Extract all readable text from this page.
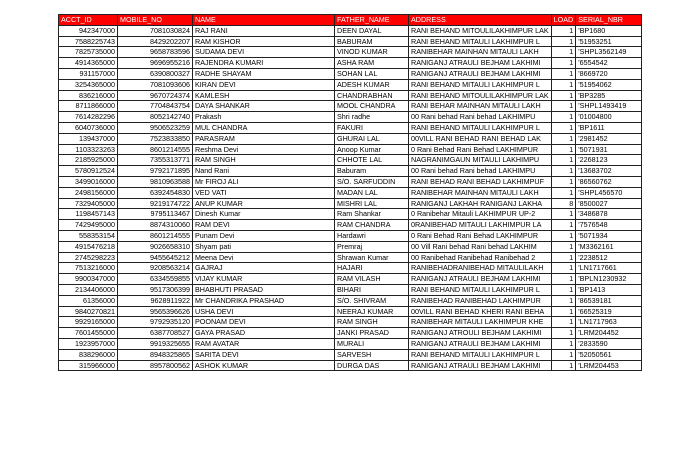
ACCT_ID	MOBILE_NO	NAME	FATHER_NAME	ADDRESS	LOAD	SERIAL_NBR
942347000	7081030824	RAJ RANI	DEEN DAYAL	RANI BEHAND MITOULILAKHIMPUR LAK	1	'BP1680
7588225743	8429202207	RAM KISHOR	BABURAM	RANI BEHAND MITAULI LAKHIMPUR L	1	'51953251
7825735000	9658783596	SUDAMA DEVI	VINOD KUMAR	RANIBEHAR MAINHAN MITAULI LAKH	1	'SHPL3562149
4914365000	9696955216	RAJENDRA KUMARI	ASHA RAM	RANIGANJ ATRAULI BEJHAM LAKHIMI	1	'6554542
931157000	6390800327	RADHE SHAYAM	SOHAN LAL	RANIGANJ ATRAULI BEJHAM LAKHIMI	1	'8669720
3254365000	7081093606	KIRAN DEVI	ADESH KUMAR	RANI BEHAND MITAULI LAKHIMPUR L	1	'51954062
836216000	9670724374	KAMLESH	CHANDRABHAN	RANI BEHAND MITOULILAKHIMPUR LAK	1	'BP3285
8711866000	7704843754	DAYA SHANKAR	MOOL CHANDRA	RANI BEHAR MAINHAN MITAULI LAKH	1	'SHPL1493419
7614282296	8052142740	Prakash	Shri radhe	00 Rani behad Rani behad LAKHIMPU	1	'01004800
6040736000	9506523259	MUL CHANDRA	FAKURI	RANI BEHAND MITAULI LAKHIMPUR L	1	'BP1611
139437000	7523833850	PARASRAM	GHURAI LAL	00VILL RANI BEHAD RANI BEHAD LAK	1	'2981452
1103323263	8601214555	Reshma Devi	Anoop Kumar	0 Rani Behad Rani Behad LAKHIMPUR	1	'5071931
2185925000	7355313771	RAM SINGH	CHHOTE LAL	NAGRANIMGAUN MITAULI LAKHIMPU	1	'2268123
5780912524	9792171895	Nand Rani	Baburam	00 Rani behad Rani behad LAKHIMPU	1	'13683702
3499016000	9810963588	Mr FIROJ ALI	S/O. SARFUDDIN	RANI BEHAD RANI BEHAD LAKHIMPUF	1	'86560762
2498156000	6392454830	VED VATI	MADAN LAL	RANIBEHAR MAINHAN MITAULI LAKH	1	'SHPL456570
7329405000	9219174722	ANUP KUMAR	MISHRI LAL	RANIGANJ LAKHAH RANIGANJ LAKHA	8	'8500027
1198457143	9795113467	Dinesh Kumar	Ram Shankar	0 Ranibehar Mitauli LAKHIMPUR UP-2	1	'3486878
7429495000	8874310060	RAM DEVI	RAM CHANDRA	0RANIBEHAD MITAULI LAKHIMPUR LA	1	'7576548
558353154	8601214555	Punam Devi	Hardawri	0 Rani Behad Rani Behad LAKHIMPUR	1	'5071934
4915476218	9026658310	Shyam pati	Premraj	00 Vill Rani behad Rani behad LAKHIM	1	'M3362161
2745298223	9455645212	Meena Devi	Shrawan Kumar	00 Ranibehad Ranibehad Ranibehad 2	1	'2238512
7513216000	9208563214	GAJRAJ	HAJARI	RANIBEHADRANIBEHAD MITAULILAKH	1	'LN1717661
9900347000	6334559855	VIJAY KUMAR	RAM VILASH	RANIGANJ ATRAULI BEJHAM LAKHIMI	1	'BPLN1230932
2134406000	9517306399	BHABHUTI PRASAD	BIHARI	RANI BEHAND MITAULI LAKHIMPUR L	1	'BP1413
61356000	9628911922	Mr CHANDRIKA PRASHAD	S/O. SHIVRAM	RANIBEHAD RANIBEHAD LAKHIMPUR	1	'86539181
9840270821	9565396626	USHA DEVI	NEERAJ KUMAR	00VILL RANI BEHAD KHERI RANI BEHA	1	'66525319
9929165000	9792935120	POONAM DEVI	RAM SINGH	RANIBEHAR MITAULI LAKHIMPUR KHE	1	'LN1717963
7601455000	6387708527	GAYA PRASAD	JANKI PRASAD	RANIGANJ ATROULI BEJHAM LAKHIMI	1	'LRM204452
1923957000	9919325655	RAM AVATAR	MURALI	RANIGANJ ATRAULI BEJHAM LAKHIMI	1	'2833590
838296000	8948325865	SARITA DEVI	SARVESH	RANI BEHAND MITAULI LAKHIMPUR L	1	'52050561
315966000	8957800562	ASHOK KUMAR	DURGA DAS	RANIGANJ ATRAULI BEJHAM LAKHIMI	1	'LRM204453
